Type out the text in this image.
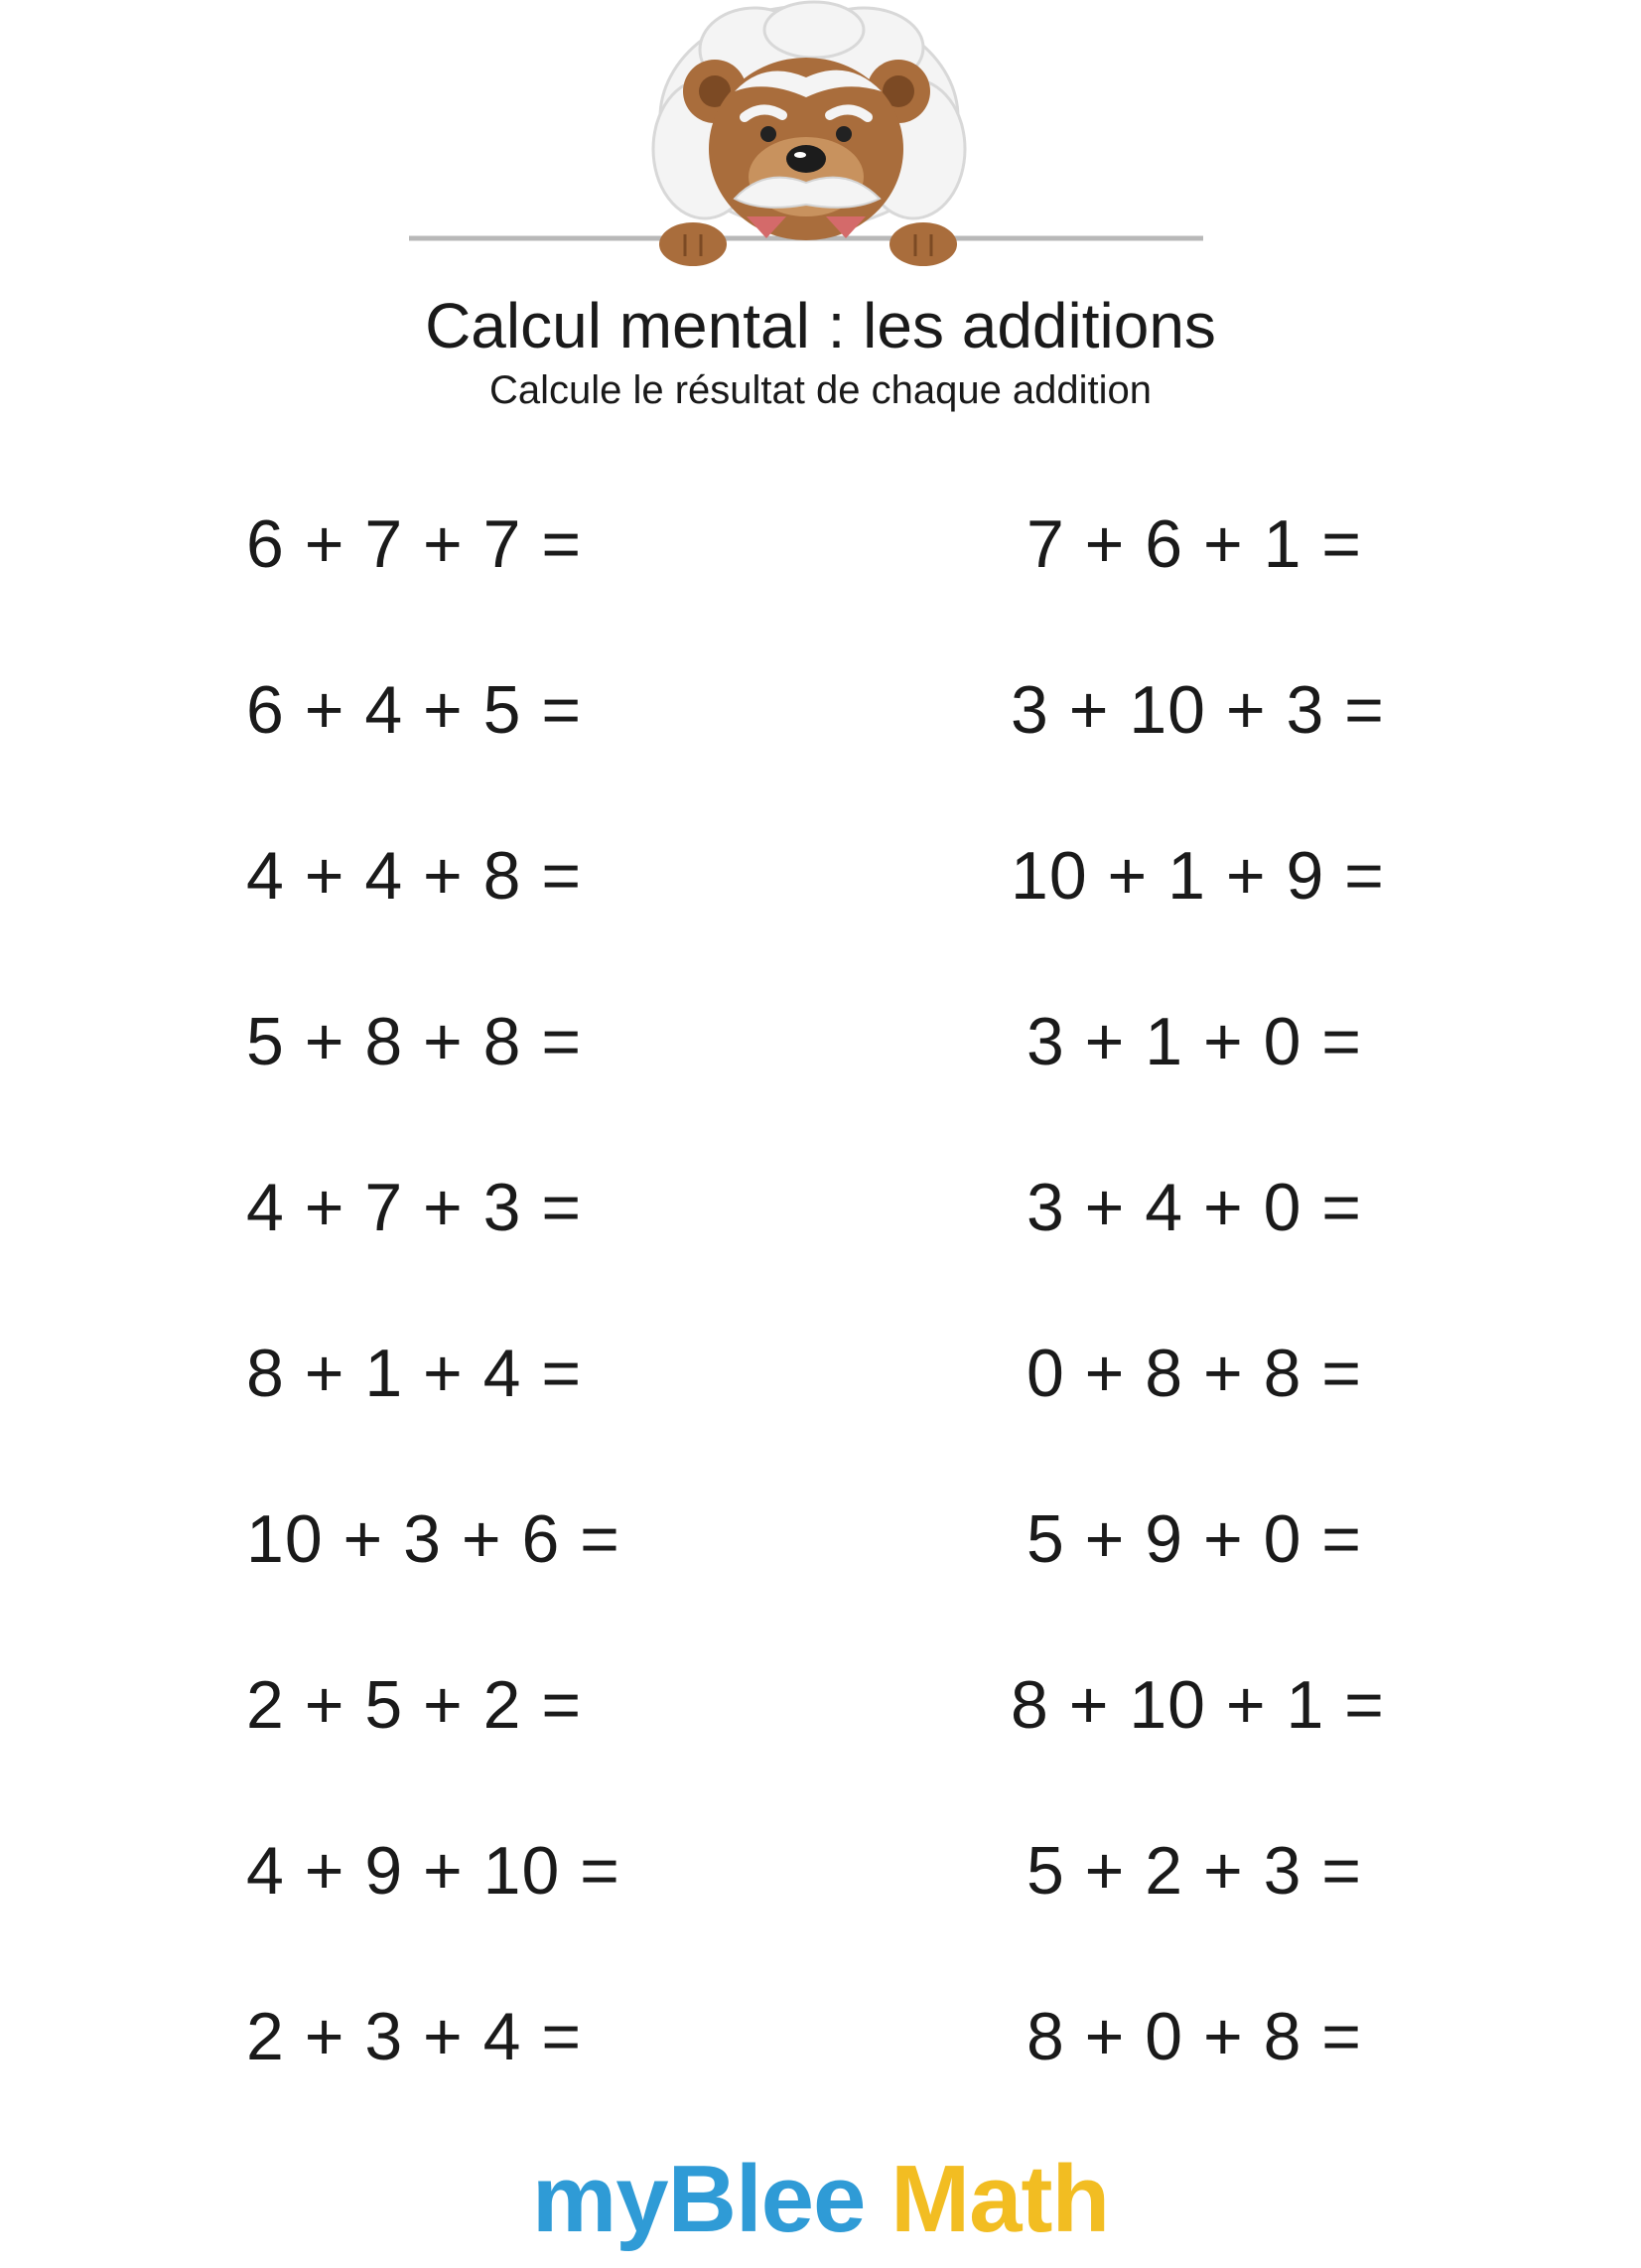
Calcul mental : les additions
Calcule le résultat de chaque addition
6 + 7 + 7 =	7 + 6 + 1 =
6 + 4 + 5 =	3 + 10 + 3 =
4 + 4 + 8 =	10 + 1 + 9 =
5 + 8 + 8 =	3 + 1 + 0 =
4 + 7 + 3 =	3 + 4 + 0 =
8 + 1 + 4 =	0 + 8 + 8 =
10 + 3 + 6 =	5 + 9 + 0 =
2 + 5 + 2 =	8 + 10 + 1 =
4 + 9 + 10 =	5 + 2 + 3 =
2 + 3 + 4 =	8 + 0 + 8 =
myBlee Math
